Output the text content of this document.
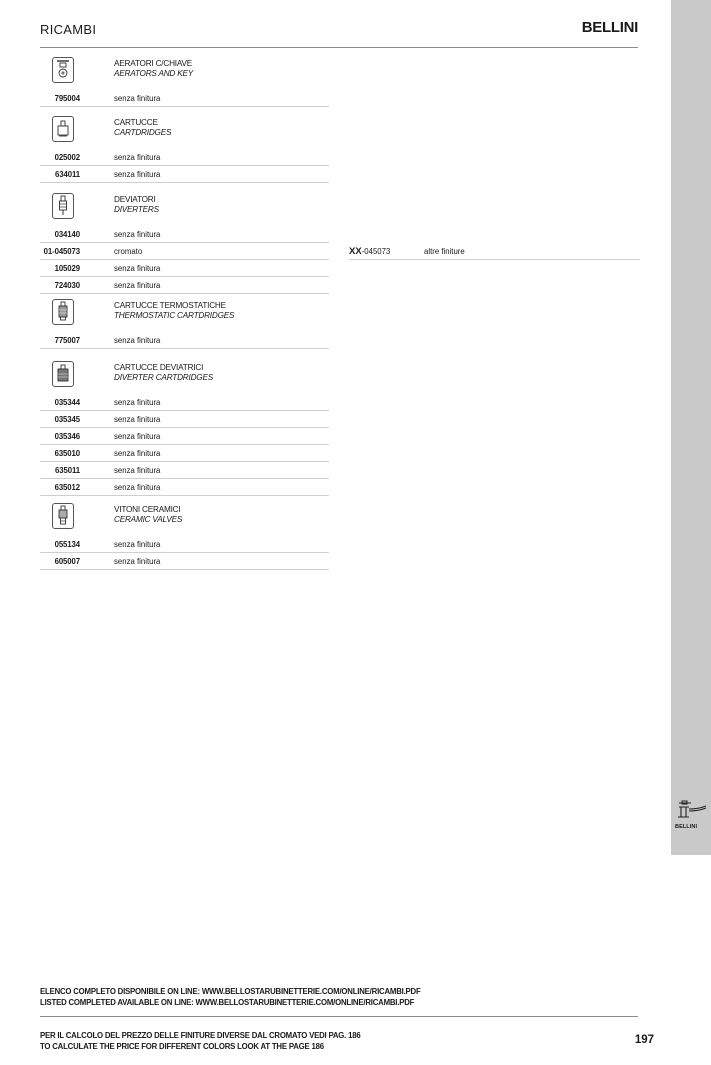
RICAMBI	BELLINI
BELLINI
AERATORI C/CHIAVE
AERATORS AND KEY
795004	senza finitura
CARTUCCE
CARTDRIDGES
025002	senza finitura
634011	senza finitura
DEVIATORI
DIVERTERS
034140	senza finitura
01-045073	cromato	XX-045073	altre finiture
105029	senza finitura
724030	senza finitura
CARTUCCE TERMOSTATICHE
THERMOSTATIC CARTDRIDGES
775007	senza finitura
CARTUCCE DEVIATRICI
DIVERTER CARTDRIDGES
035344	senza finitura
035345	senza finitura
035346	senza finitura
635010	senza finitura
635011	senza finitura
635012	senza finitura
VITONI CERAMICI
CERAMIC VALVES
055134	senza finitura
605007	senza finitura
ELENCO COMPLETO DISPONIBILE ON LINE: WWW.BELLOSTARUBINETTERIE.COM/ONLINE/RICAMBI.PDF
LISTED COMPLETED AVAILABLE ON LINE: WWW.BELLOSTARUBINETTERIE.COM/ONLINE/RICAMBI.PDF
PER IL CALCOLO DEL PREZZO DELLE FINITURE DIVERSE DAL CROMATO VEDI PAG. 186
TO CALCULATE THE PRICE FOR DIFFERENT COLORS LOOK AT THE PAGE 186
197
